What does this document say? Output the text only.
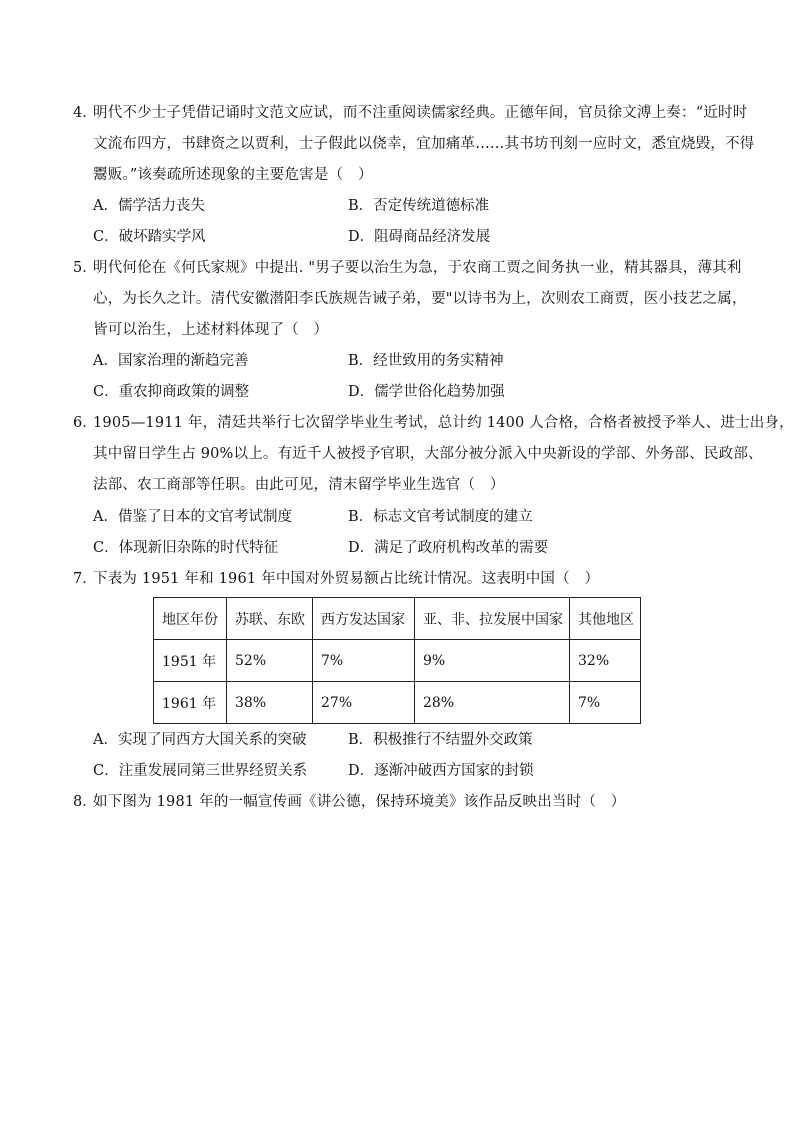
4．
明代不少士子凭借记诵时文范文应试，而不注重阅读儒家经典。正德年间，官员徐文溥上奏：“近时时
文流布四方，书肆资之以贾利，士子假此以侥幸，宜加痛革……其书坊刊刻一应时文，悉宜烧毁，不得
鬻贩。”该奏疏所述现象的主要危害是（　）
A．儒学活力丧失	B．否定传统道德标准
C．破坏踏实学风	D．阻碍商品经济发展
5．
明代何伦在《何氏家规》中提出. "男子要以治生为急，于农商工贾之间务执一业，精其器具，薄其利
心，为长久之计。清代安徽潜阳李氏族规告诫子弟，要"以诗书为上，次则农工商贾，医小技艺之属，
皆可以治生，上述材料体现了（　）
A．国家治理的渐趋完善	B．经世致用的务实精神
C．重农抑商政策的调整	D．儒学世俗化趋势加强
6．
1905—1911 年，清廷共举行七次留学毕业生考试，总计约 1400 人合格，合格者被授予举人、进士出身，
其中留日学生占 90%以上。有近千人被授予官职，大部分被分派入中央新设的学部、外务部、民政部、
法部、农工商部等任职。由此可见，清末留学毕业生选官（　）
A．借鉴了日本的文官考试制度	B．标志文官考试制度的建立
C．体现新旧杂陈的时代特征	D．满足了政府机构改革的需要
7．
下表为 1951 年和 1961 年中国对外贸易额占比统计情况。这表明中国（　）
地区年份	苏联、东欧	西方发达国家	亚、非、拉发展中国家	其他地区
1951 年	52%	7%	9%	32%
1961 年	38%	27%	28%	7%
A．实现了同西方大国关系的突破	B．积极推行不结盟外交政策
C．注重发展同第三世界经贸关系	D．逐渐冲破西方国家的封锁
8．
如下图为 1981 年的一幅宣传画《讲公德，保持环境美》该作品反映出当时（　）
